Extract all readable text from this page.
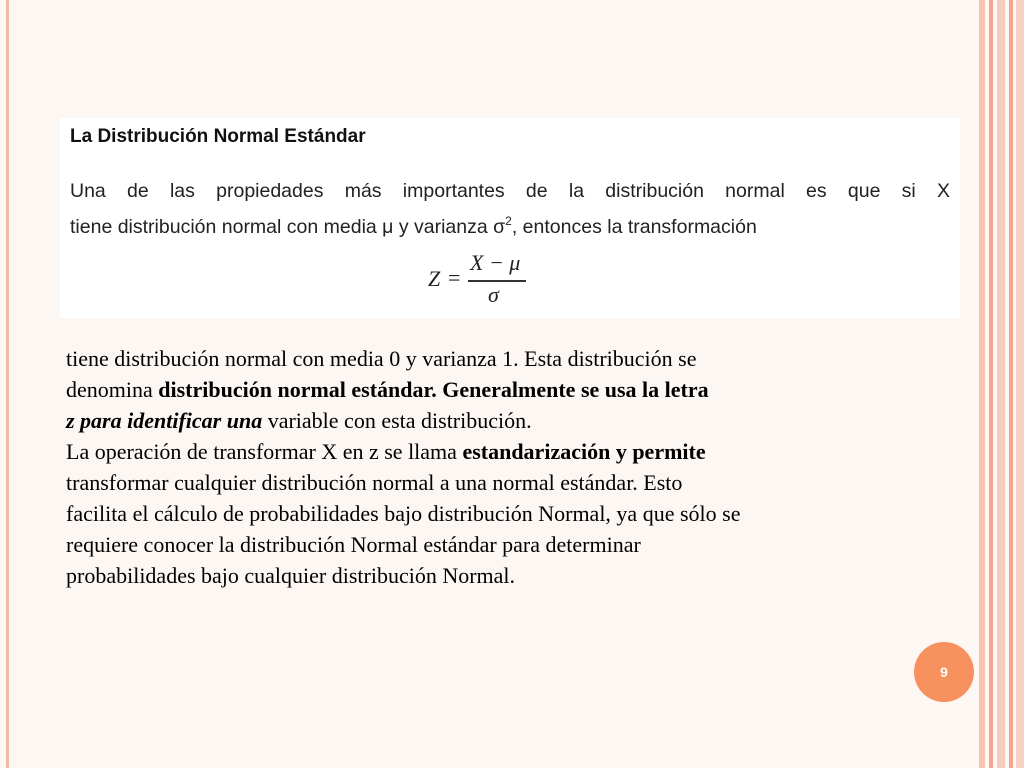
La Distribución Normal Estándar
Una de las propiedades más importantes de la distribución normal es que si X
tiene distribución normal con media μ y varianza $\sigma^2$, entonces la transformación
Z =
X − μ
σ
tiene distribución normal con media 0 y varianza 1. Esta distribución se
denomina distribución normal estándar. Generalmente se usa la letra
z para identificar una variable con esta distribución.
La operación de transformar X en z se llama estandarización y permite
transformar cualquier distribución normal a una normal estándar. Esto
facilita el cálculo de probabilidades bajo distribución Normal, ya que sólo se
requiere conocer la distribución Normal estándar para determinar
probabilidades bajo cualquier distribución Normal.
9
